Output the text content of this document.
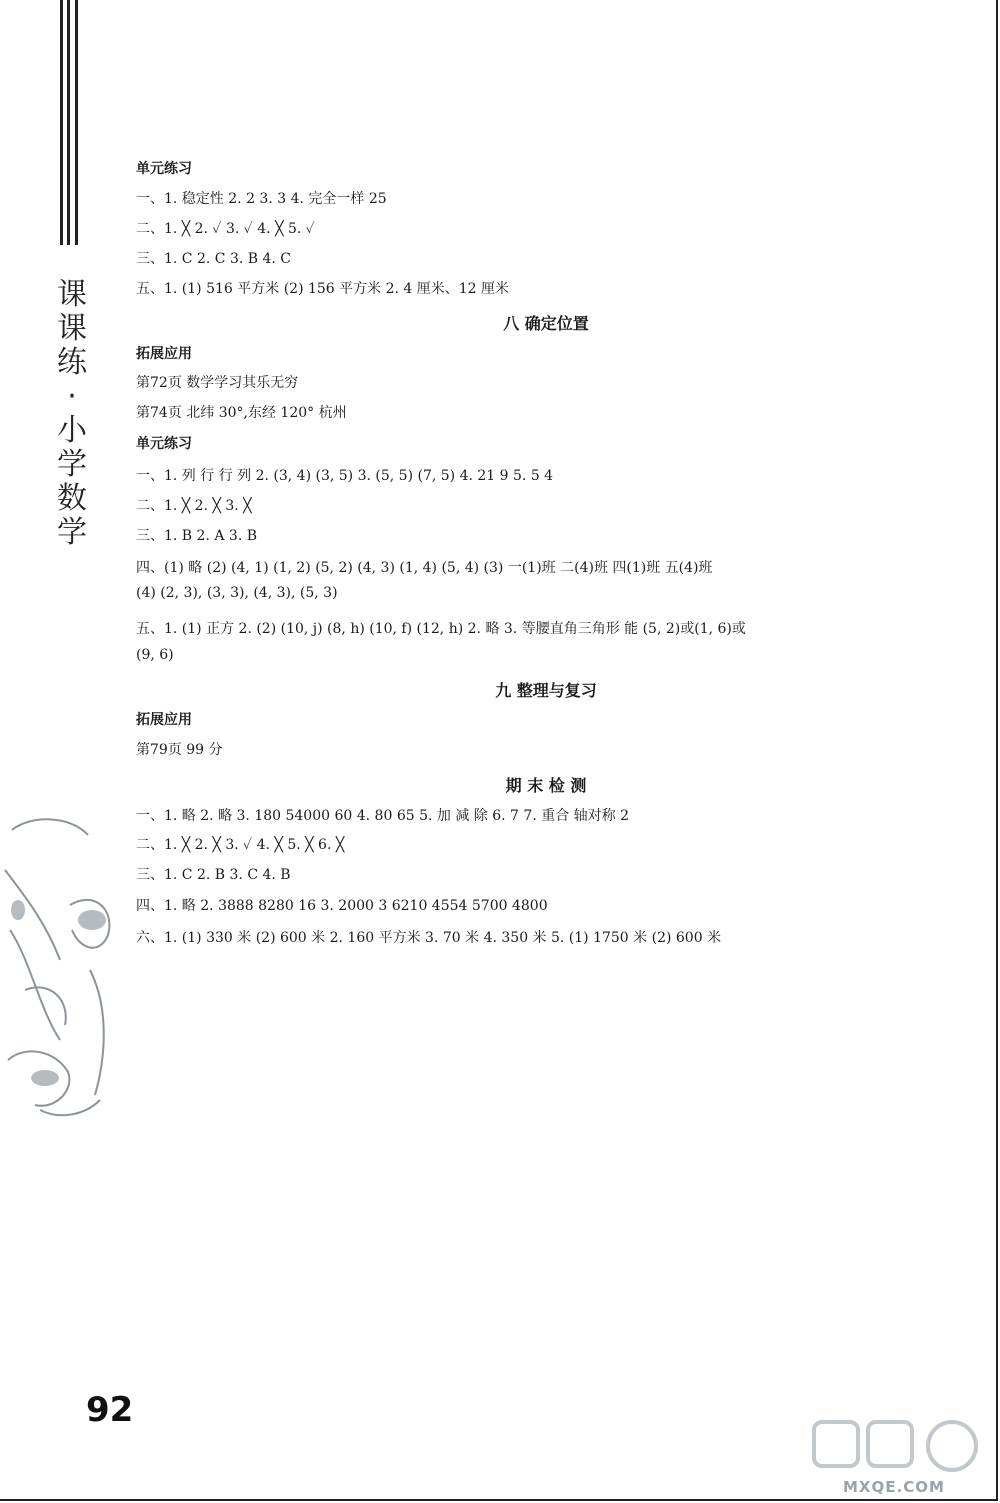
课
课
练
·
小
学
数
学
单元练习
一、1. 稳定性 2. 2 3. 3 4. 完全一样 25
二、1. ╳ 2. ✓ 3. ✓ 4. ╳ 5. ✓
三、1. C 2. C 3. B 4. C
五、1. (1) 516 平方米 (2) 156 平方米 2. 4 厘米、12 厘米
八 确定位置
拓展应用
第72页 数学学习其乐无穷
第74页 北纬 30°,东经 120° 杭州
单元练习
一、1. 列 行 行 列 2. (3, 4) (3, 5) 3. (5, 5) (7, 5) 4. 21 9 5. 5 4
二、1. ╳ 2. ╳ 3. ╳
三、1. B 2. A 3. B
四、(1) 略 (2) (4, 1) (1, 2) (5, 2) (4, 3) (1, 4) (5, 4) (3) 一(1)班 二(4)班 四(1)班 五(4)班
(4) (2, 3), (3, 3), (4, 3), (5, 3)
五、1. (1) 正方 2. (2) (10, j) (8, h) (10, f) (12, h) 2. 略 3. 等腰直角三角形 能 (5, 2)或(1, 6)或
(9, 6)
九 整理与复习
拓展应用
第79页 99 分
期 末 检 测
一、1. 略 2. 略 3. 180 54000 60 4. 80 65 5. 加 减 除 6. 7 7. 重合 轴对称 2
二、1. ╳ 2. ╳ 3. ✓ 4. ╳ 5. ╳ 6. ╳
三、1. C 2. B 3. C 4. B
四、1. 略 2. 3888 8280 16 3. 2000 3 6210 4554 5700 4800
六、1. (1) 330 米 (2) 600 米 2. 160 平方米 3. 70 米 4. 350 米 5. (1) 1750 米 (2) 600 米
92
MXQE.COM
